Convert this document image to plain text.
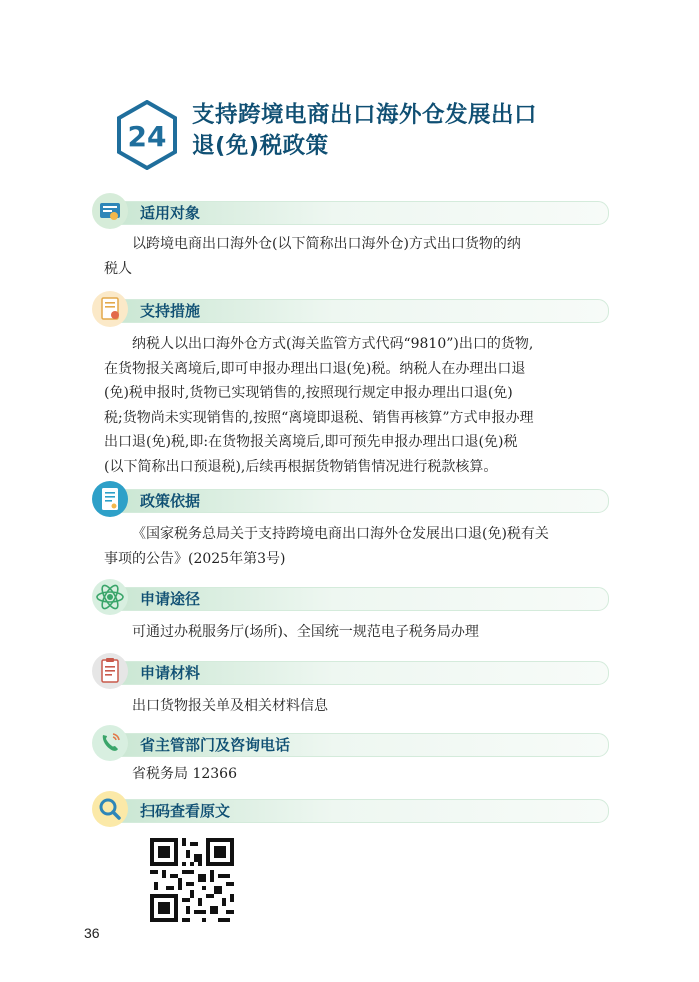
24
支持跨境电商出口海外仓发展出口
退(免)税政策
适用对象
以跨境电商出口海外仓(以下简称出口海外仓)方式出口货物的纳
税人
支持措施
纳税人以出口海外仓方式(海关监管方式代码“9810”)出口的货物,
在货物报关离境后,即可申报办理出口退(免)税。纳税人在办理出口退
(免)税申报时,货物已实现销售的,按照现行规定申报办理出口退(免)
税;货物尚未实现销售的,按照“离境即退税、销售再核算”方式申报办理
出口退(免)税,即:在货物报关离境后,即可预先申报办理出口退(免)税
(以下简称出口预退税),后续再根据货物销售情况进行税款核算。
政策依据
《国家税务总局关于支持跨境电商出口海外仓发展出口退(免)税有关
事项的公告》(2025年第3号)
申请途径
可通过办税服务厅(场所)、全国统一规范电子税务局办理
申请材料
出口货物报关单及相关材料信息
省主管部门及咨询电话
省税务局 12366
扫码查看原文
36
